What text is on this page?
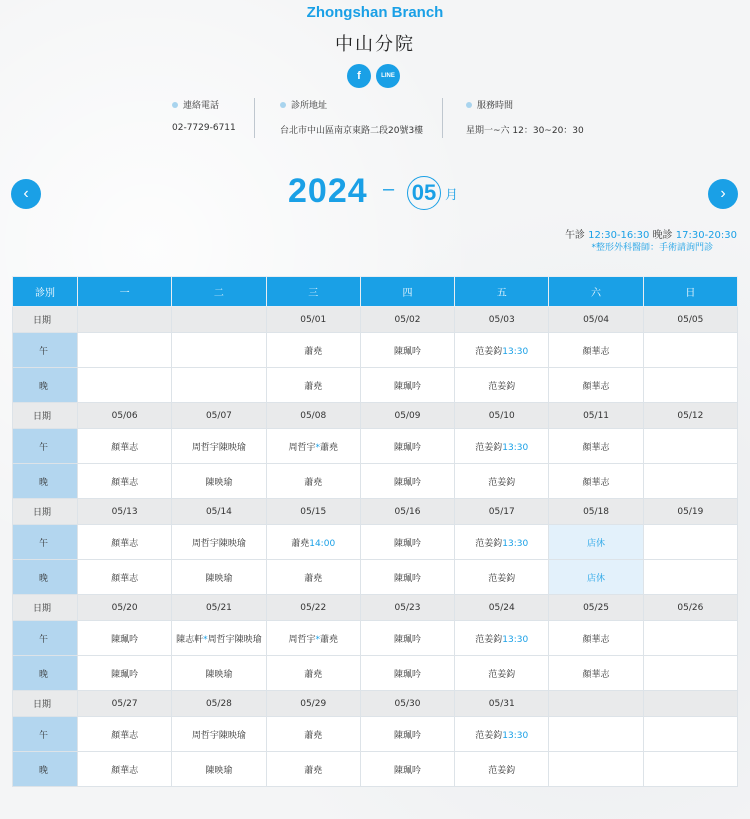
Zhongshan Branch
中山分院
f	LINE
連絡電話
02-7729-6711
診所地址
台北市中山區南京東路二段20號3樓
服務時間
星期一~六 12：30~20：30
‹	›
2024 – 05 月
午診 12:30-16:30 晚診 17:30-20:30
*整形外科醫師：手術請詢門診
診別	一	二	三	四	五	六	日
日期			05/01	05/02	05/03	05/04	05/05
午			蕭堯	陳珮吟	范姜鈞13:30	顏華志	
晚			蕭堯	陳珮吟	范姜鈞	顏華志	
日期	05/06	05/07	05/08	05/09	05/10	05/11	05/12
午	顏華志	周哲宇陳映瑜	周哲宇*蕭堯	陳珮吟	范姜鈞13:30	顏華志	
晚	顏華志	陳映瑜	蕭堯	陳珮吟	范姜鈞	顏華志	
日期	05/13	05/14	05/15	05/16	05/17	05/18	05/19
午	顏華志	周哲宇陳映瑜	蕭堯14:00	陳珮吟	范姜鈞13:30	店休	
晚	顏華志	陳映瑜	蕭堯	陳珮吟	范姜鈞	店休	
日期	05/20	05/21	05/22	05/23	05/24	05/25	05/26
午	陳珮吟	陳志軒*周哲宇陳映瑜	周哲宇*蕭堯	陳珮吟	范姜鈞13:30	顏華志	
晚	陳珮吟	陳映瑜	蕭堯	陳珮吟	范姜鈞	顏華志	
日期	05/27	05/28	05/29	05/30	05/31		
午	顏華志	周哲宇陳映瑜	蕭堯	陳珮吟	范姜鈞13:30		
晚	顏華志	陳映瑜	蕭堯	陳珮吟	范姜鈞		
